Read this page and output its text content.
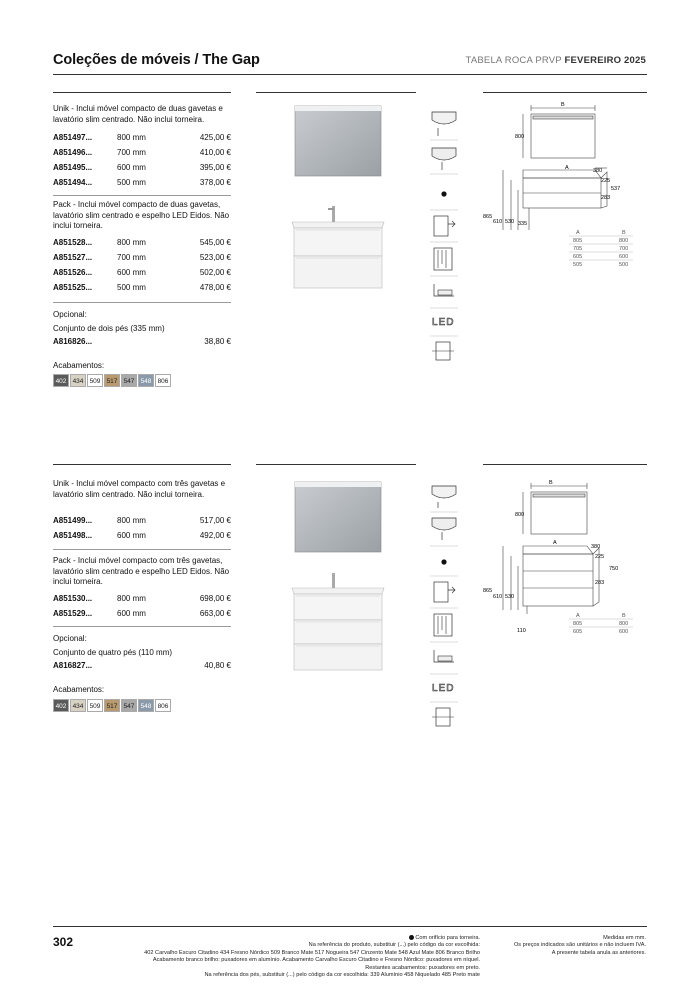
Coleções de móveis / The Gap	TABELA ROCA PRVP FEVEREIRO 2025
Unik - Inclui móvel compacto de duas gavetas e lavatório slim centrado. Não inclui torneira.
A851497...	800 mm	425,00 €
A851496...	700 mm	410,00 €
A851495...	600 mm	395,00 €
A851494...	500 mm	378,00 €
Pack - Inclui móvel compacto de duas gavetas, lavatório slim centrado e espelho LED Eidos. Não inclui torneira.
A851528...	800 mm	545,00 €
A851527...	700 mm	523,00 €
A851526...	600 mm	502,00 €
A851525...	500 mm	478,00 €
Opcional:
Conjunto de dois pés (335 mm)
A816826...	38,80 €
Acabamentos:
402 434 509 517 547 548 806
LED
B
800
A	380
225
537
283
865
610 530 335
A	B
805	800
705	700
605	600
505	500
Unik - Inclui móvel compacto com três gavetas e lavatório slim centrado. Não inclui torneira.
A851499...	800 mm	517,00 €
A851498...	600 mm	492,00 €
Pack - Inclui móvel compacto com três gavetas, lavatório slim centrado e espelho LED Eidos. Não inclui torneira.
A851530...	800 mm	698,00 €
A851529...	600 mm	663,00 €
Opcional:
Conjunto de quatro pés (110 mm)
A816827...	40,80 €
Acabamentos:
402 434 509 517 547 548 806
LED
B
800
A
380
225
750
283
865
610 530
110
A	B
805	800
605	600
302	Com orifício para torneira.
Na referência do produto, substituir (...) pelo código da cor escolhida:
402 Carvalho Escuro Citadino 434 Fresno Nórdico 509 Branco Mate 517 Nogueira 547 Cinzento Mate 548 Azul Mate 806 Branco Brilho
Acabamento branco brilho: puxadores em alumínio. Acabamento Carvalho Escuro Citadino e Fresno Nórdico: puxadores em níquel.
Restantes acabamentos: puxadores em preto.
Na referência dos pés, substituir (...) pelo código da cor escolhida: 339 Alumínio 458 Niquelado 485 Preto mate
Medidas em mm.
Os preços indicados são unitários e não incluem IVA.
A presente tabela anula as anteriores.
